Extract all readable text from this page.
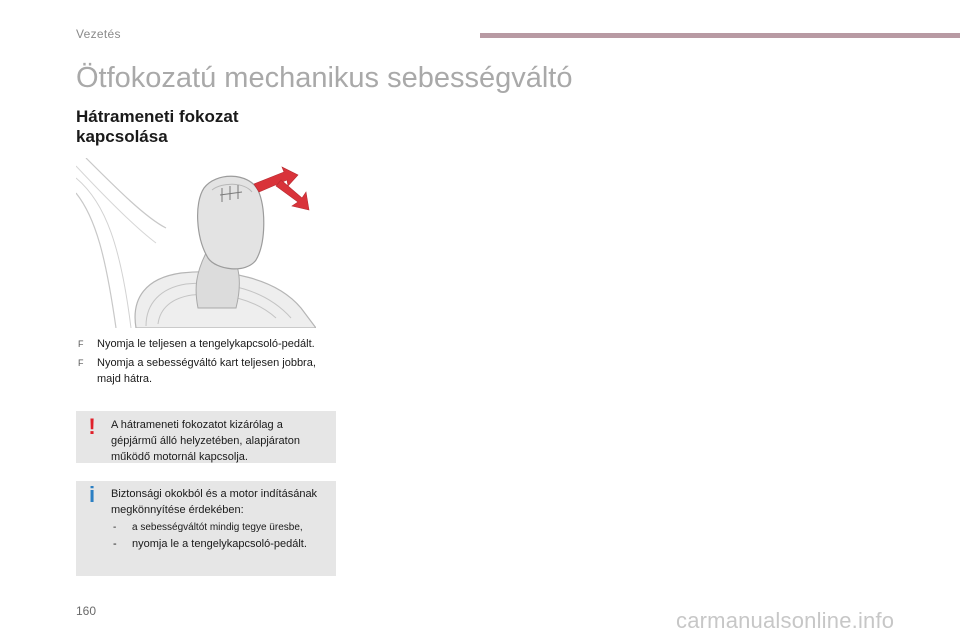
Vezetés
Ötfokozatú mechanikus sebességváltó
Hátrameneti fokozat kapcsolása
F	Nyomja le teljesen a tengelykapcsoló-pedált.
F	Nyomja a sebességváltó kart teljesen jobbra, majd hátra.
! A hátrameneti fokozatot kizárólag a gépjármű álló helyzetében, alapjáraton működő motornál kapcsolja.
i Biztonsági okokból és a motor indításának megkönnyítése érdekében:
- a sebességváltót mindig tegye üresbe,
- nyomja le a tengelykapcsoló-pedált.
160	carmanualsonline.info
